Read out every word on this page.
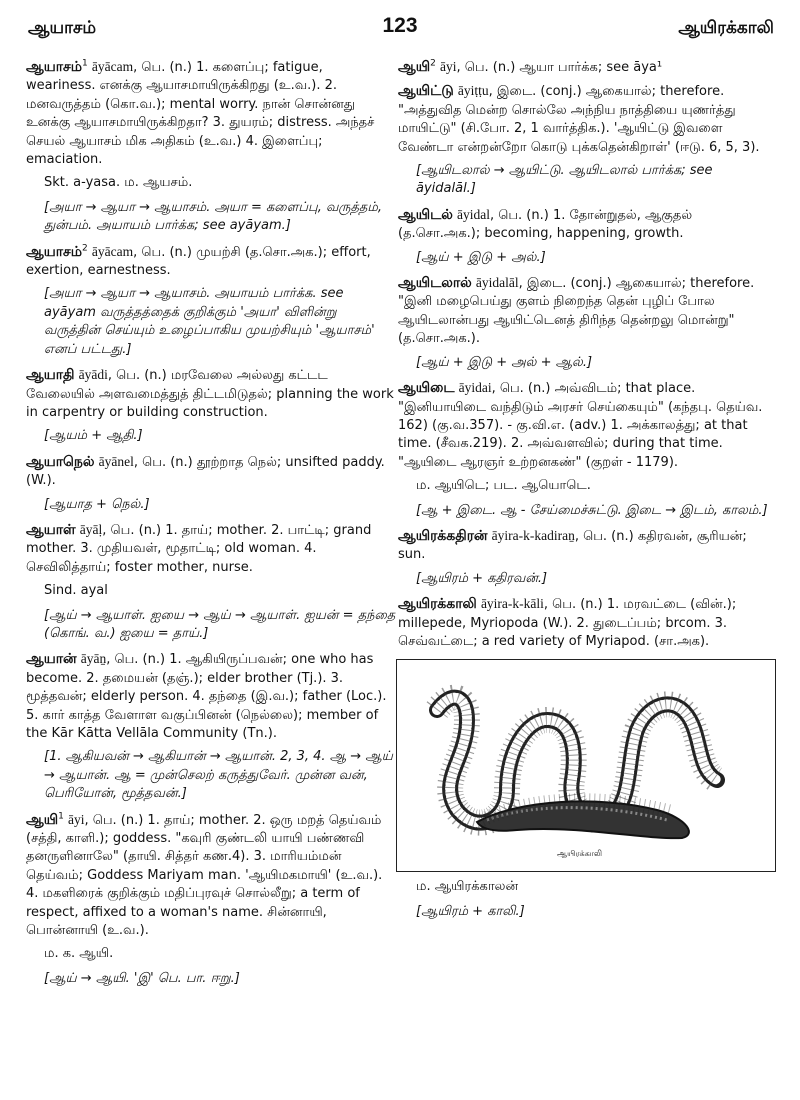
ஆயாசம்	123	ஆயிரக்காலி
ஆயாசம்$^1$ āyācam, பெ. (n.) 1. களைப்பு; fatigue, weariness. எனக்கு ஆயாசமாயிருக்கிறது (உ.வ.). 2. மனவருத்தம் (கொ.வ.); mental worry. நான் சொன்னது உனக்கு ஆயாசமாயிருக்கிறதா? 3. துயரம்; distress. அந்தச் செயல் ஆயாசம் மிக அதிகம் (உ.வ.) 4. இளைப்பு; emaciation.
Skt. a-yasa. ம. ஆயசம்.
[அயா → ஆயா → ஆயாசம். அயா = களைப்பு, வருத்தம், துன்பம். அயாயம் பார்க்க; see ayāyam.]
ஆயாசம்$^2$ āyācam, பெ. (n.) முயற்சி (த.சொ.அக.); effort, exertion, earnestness.
[அயா → ஆயா → ஆயாசம். அயாயம் பார்க்க. see ayāyam வருத்தத்தைக் குறிக்கும் 'அயா' விளின்று வருத்தின் செய்யும் உழைப்பாகிய முயற்சியும் 'ஆயாசம்' எனப் பட்டது.]
ஆயாதி āyādi, பெ. (n.) மரவேலை அல்லது கட்டட வேலையில் அளவமைத்துத் திட்டமிடுதல்; planning the work in carpentry or building construction.
[ஆயம் + ஆதி.]
ஆயாநெல் āyānel, பெ. (n.) தூற்றாத நெல்; unsifted paddy. (W.).
[ஆயாத + நெல்.]
ஆயாள் āyāḷ, பெ. (n.) 1. தாய்; mother. 2. பாட்டி; grand mother. 3. முதியவள், மூதாட்டி; old woman. 4. செவிலித்தாய்; foster mother, nurse.
Sind. ayal
[ஆய் → ஆயாள். ஐயை → ஆய் → ஆயாள். ஐயன் = தந்தை (கொங். வ.) ஐயை = தாய்.]
ஆயான் āyāṉ, பெ. (n.) 1. ஆகியிருப்பவன்; one who has become. 2. தமையன் (தஞ்.); elder brother (Tj.). 3. மூத்தவன்; elderly person. 4. தந்தை (இ.வ.); father (Loc.). 5. கார் காத்த வேளாள வகுப்பினன் (நெல்லை); member of the Kār Kātta Vellāla Community (Tn.).
[1. ஆகியவன் → ஆகியான் → ஆயான். 2, 3, 4. ஆ → ஆய் → ஆயான். ஆ = முன்செலற் கருத்துவேர். முன்ன வன், பெரியோன், மூத்தவன்.]
ஆயி$^1$ āyi, பெ. (n.) 1. தாய்; mother. 2. ஒரு மறத் தெய்வம் (சத்தி, காளி.); goddess. "கவுரி குண்டலி யாயி பண்ணவி தனருளினாலே" (தாயி. சித்தர் கண.4). 3. மாரியம்மன் தெய்வம்; Goddess Mariyam man. 'ஆயிமகமாயி' (உ.வ.). 4. மகளிரைக் குறிக்கும் மதிப்புரவுச் சொல்லீறு; a term of respect, affixed to a woman's name. சின்னாயி, பொன்னாயி (உ.வ.).
ம. க. ஆயி.
[ஆய் → ஆயி. 'இ' பெ. பா. ஈறு.]
ஆயி$^2$ āyi, பெ. (n.) ஆயா பார்க்க; see āya¹
ஆயிட்டு āyiṭṭu, இடை. (conj.) ஆகையால்; therefore. "அத்துவித மென்ற சொல்லே அந்நிய நாத்தியை யுணர்த்து மாயிட்டு" (சி.போ. 2, 1 வார்த்திக.). 'ஆயிட்டு இவளை வேண்டா என்றன்றோ கொடு புக்கதென்கிறாள்' (ஈடு. 6, 5, 3).
[ஆயிடலால் → ஆயிட்டு. ஆயிடலால் பார்க்க; see āyidalāl.]
ஆயிடல் āyidal, பெ. (n.) 1. தோன்றுதல், ஆகுதல் (த.சொ.அக.); becoming, happening, growth.
[ஆய் + இடு + அல்.]
ஆயிடலால் āyidalāl, இடை. (conj.) ஆகையால்; therefore. "இனி மழைபெய்து குளம் நிறைந்த தென் புழிப் போல ஆயிடலான்பது ஆயிட்டெனத் திரிந்த தென்றலு மொன்று" (த.சொ.அக.).
[ஆய் + இடு + அல் + ஆல்.]
ஆயிடை āyidai, பெ. (n.) அவ்விடம்; that place. "இனியாயிடை வந்திடும் அரசர் செய்கையும்" (கந்தபு. தெய்வ. 162) (கு.வ.357). - கு.வி.எ. (adv.) 1. அக்காலத்து; at that time. (சீவக.219). 2. அவ்வளவில்; during that time. "ஆயிடை ஆரஞர் உற்றனகண்" (குறள் - 1179).
ம. ஆயிடெ; பட. ஆயொடெ.
[ஆ + இடை. ஆ - சேய்மைச்சுட்டு. இடை → இடம், காலம்.]
ஆயிரக்கதிரன் āyira-k-kadiraṉ, பெ. (n.) கதிரவன், சூரியன்; sun.
[ஆயிரம் + கதிரவன்.]
ஆயிரக்காலி āyira-k-kāli, பெ. (n.) 1. மரவட்டை (வின்.); millepede, Myriopoda (W.). 2. துடைப்பம்; brcom. 3. செவ்வட்டை; a red variety of Myriapod. (சா.அக).
ஆயிரக்காலி
ம. ஆயிரக்காலன்
[ஆயிரம் + காலி.]
